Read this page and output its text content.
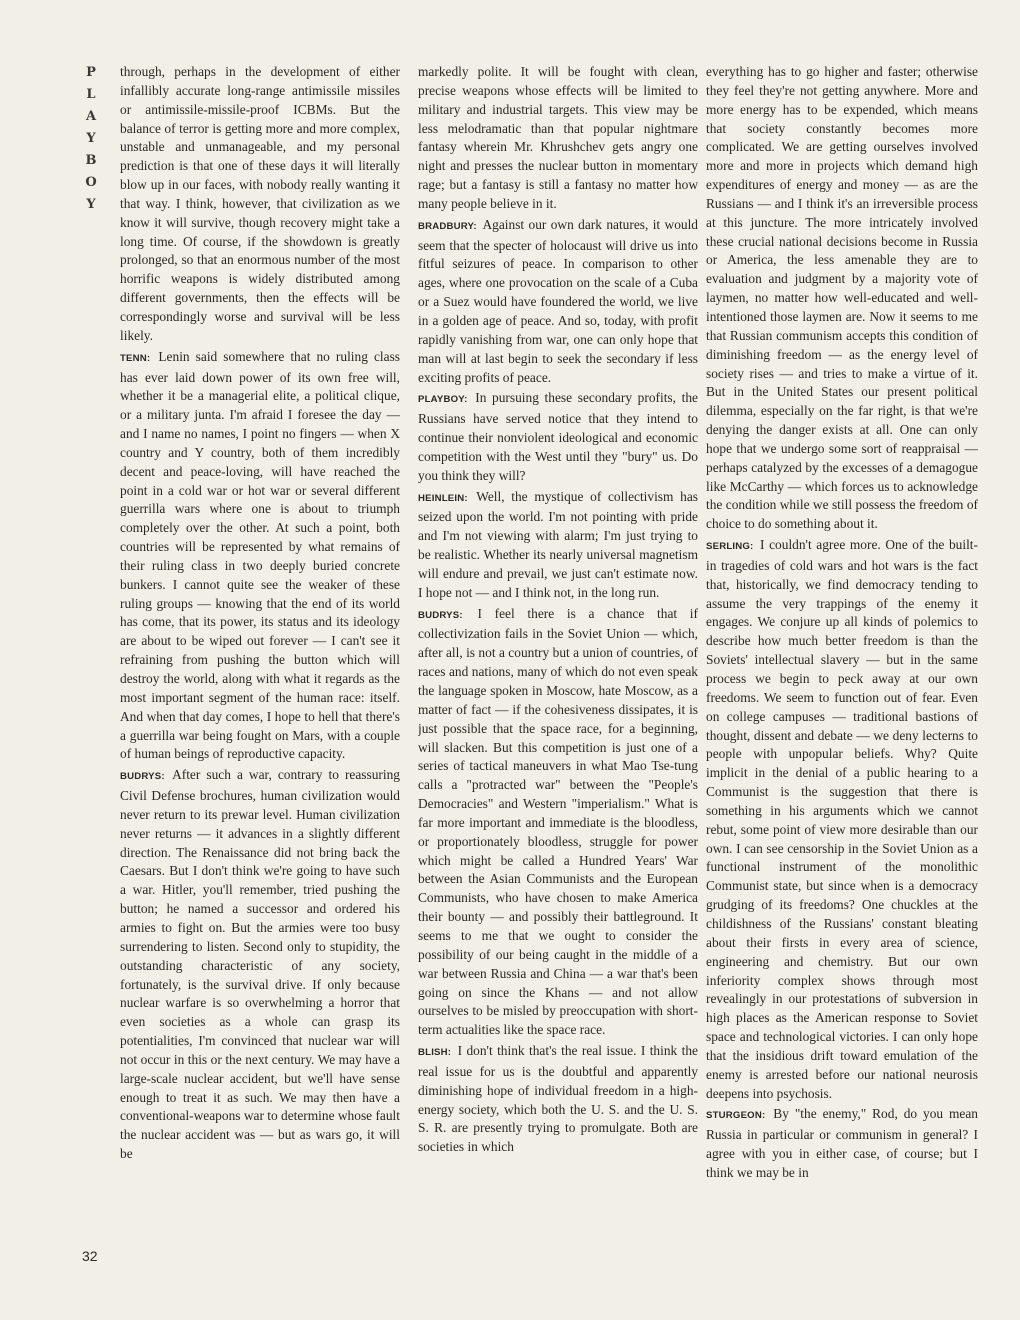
P
L
A
Y
B
O
Y

through, perhaps in the development of either infallibly accurate long-range antimissile missiles or antimissile-missile-proof ICBMs. But the balance of terror is getting more and more complex, unstable and unmanageable, and my personal prediction is that one of these days it will literally blow up in our faces, with nobody really wanting it that way. I think, however, that civilization as we know it will survive, though recovery might take a long time. Of course, if the showdown is greatly prolonged, so that an enormous number of the most horrific weapons is widely distributed among different governments, then the effects will be correspondingly worse and survival will be less likely.

TENN: Lenin said somewhere that no ruling class has ever laid down power of its own free will, whether it be a managerial elite, a political clique, or a military junta. I'm afraid I foresee the day — and I name no names, I point no fingers — when X country and Y country, both of them incredibly decent and peace-loving, will have reached the point in a cold war or hot war or several different guerrilla wars where one is about to triumph completely over the other. At such a point, both countries will be represented by what remains of their ruling class in two deeply buried concrete bunkers. I cannot quite see the weaker of these ruling groups — knowing that the end of its world has come, that its power, its status and its ideology are about to be wiped out forever — I can't see it refraining from pushing the button which will destroy the world, along with what it regards as the most important segment of the human race: itself. And when that day comes, I hope to hell that there's a guerrilla war being fought on Mars, with a couple of human beings of reproductive capacity.

BUDRYS: After such a war, contrary to reassuring Civil Defense brochures, human civilization would never return to its prewar level. Human civilization never returns — it advances in a slightly different direction. The Renaissance did not bring back the Caesars. But I don't think we're going to have such a war. Hitler, you'll remember, tried pushing the button; he named a successor and ordered his armies to fight on. But the armies were too busy surrendering to listen. Second only to stupidity, the outstanding characteristic of any society, fortunately, is the survival drive. If only because nuclear warfare is so overwhelming a horror that even societies as a whole can grasp its potentialities, I'm convinced that nuclear war will not occur in this or the next century. We may have a large-scale nuclear accident, but we'll have sense enough to treat it as such. We may then have a conventional-weapons war to determine whose fault the nuclear accident was — but as wars go, it will be

markedly polite. It will be fought with clean, precise weapons whose effects will be limited to military and industrial targets. This view may be less melodramatic than that popular nightmare fantasy wherein Mr. Khrushchev gets angry one night and presses the nuclear button in momentary rage; but a fantasy is still a fantasy no matter how many people believe in it.

BRADBURY: Against our own dark natures, it would seem that the specter of holocaust will drive us into fitful seizures of peace. In comparison to other ages, where one provocation on the scale of a Cuba or a Suez would have foundered the world, we live in a golden age of peace. And so, today, with profit rapidly vanishing from war, one can only hope that man will at last begin to seek the secondary if less exciting profits of peace.

PLAYBOY: In pursuing these secondary profits, the Russians have served notice that they intend to continue their nonviolent ideological and economic competition with the West until they "bury" us. Do you think they will?

HEINLEIN: Well, the mystique of collectivism has seized upon the world. I'm not pointing with pride and I'm not viewing with alarm; I'm just trying to be realistic. Whether its nearly universal magnetism will endure and prevail, we just can't estimate now. I hope not — and I think not, in the long run.

BUDRYS: I feel there is a chance that if collectivization fails in the Soviet Union — which, after all, is not a country but a union of countries, of races and nations, many of which do not even speak the language spoken in Moscow, hate Moscow, as a matter of fact — if the cohesiveness dissipates, it is just possible that the space race, for a beginning, will slacken. But this competition is just one of a series of tactical maneuvers in what Mao Tse-tung calls a "protracted war" between the "People's Democracies" and Western "imperialism." What is far more important and immediate is the bloodless, or proportionately bloodless, struggle for power which might be called a Hundred Years' War between the Asian Communists and the European Communists, who have chosen to make America their bounty — and possibly their battleground. It seems to me that we ought to consider the possibility of our being caught in the middle of a war between Russia and China — a war that's been going on since the Khans — and not allow ourselves to be misled by preoccupation with short-term actualities like the space race.

BLISH: I don't think that's the real issue. I think the real issue for us is the doubtful and apparently diminishing hope of individual freedom in a high-energy society, which both the U. S. and the U. S. S. R. are presently trying to promulgate. Both are societies in which

everything has to go higher and faster; otherwise they feel they're not getting anywhere. More and more energy has to be expended, which means that society constantly becomes more complicated. We are getting ourselves involved more and more in projects which demand high expenditures of energy and money — as are the Russians — and I think it's an irreversible process at this juncture. The more intricately involved these crucial national decisions become in Russia or America, the less amenable they are to evaluation and judgment by a majority vote of laymen, no matter how well-educated and well-intentioned those laymen are. Now it seems to me that Russian communism accepts this condition of diminishing freedom — as the energy level of society rises — and tries to make a virtue of it. But in the United States our present political dilemma, especially on the far right, is that we're denying the danger exists at all. One can only hope that we undergo some sort of reappraisal — perhaps catalyzed by the excesses of a demagogue like McCarthy — which forces us to acknowledge the condition while we still possess the freedom of choice to do something about it.

SERLING: I couldn't agree more. One of the built-in tragedies of cold wars and hot wars is the fact that, historically, we find democracy tending to assume the very trappings of the enemy it engages. We conjure up all kinds of polemics to describe how much better freedom is than the Soviets' intellectual slavery — but in the same process we begin to peck away at our own freedoms. We seem to function out of fear. Even on college campuses — traditional bastions of thought, dissent and debate — we deny lecterns to people with unpopular beliefs. Why? Quite implicit in the denial of a public hearing to a Communist is the suggestion that there is something in his arguments which we cannot rebut, some point of view more desirable than our own. I can see censorship in the Soviet Union as a functional instrument of the monolithic Communist state, but since when is a democracy grudging of its freedoms? One chuckles at the childishness of the Russians' constant bleating about their firsts in every area of science, engineering and chemistry. But our own inferiority complex shows through most revealingly in our protestations of subversion in high places as the American response to Soviet space and technological victories. I can only hope that the insidious drift toward emulation of the enemy is arrested before our national neurosis deepens into psychosis.

STURGEON: By "the enemy," Rod, do you mean Russia in particular or communism in general? I agree with you in either case, of course; but I think we may be in

32
